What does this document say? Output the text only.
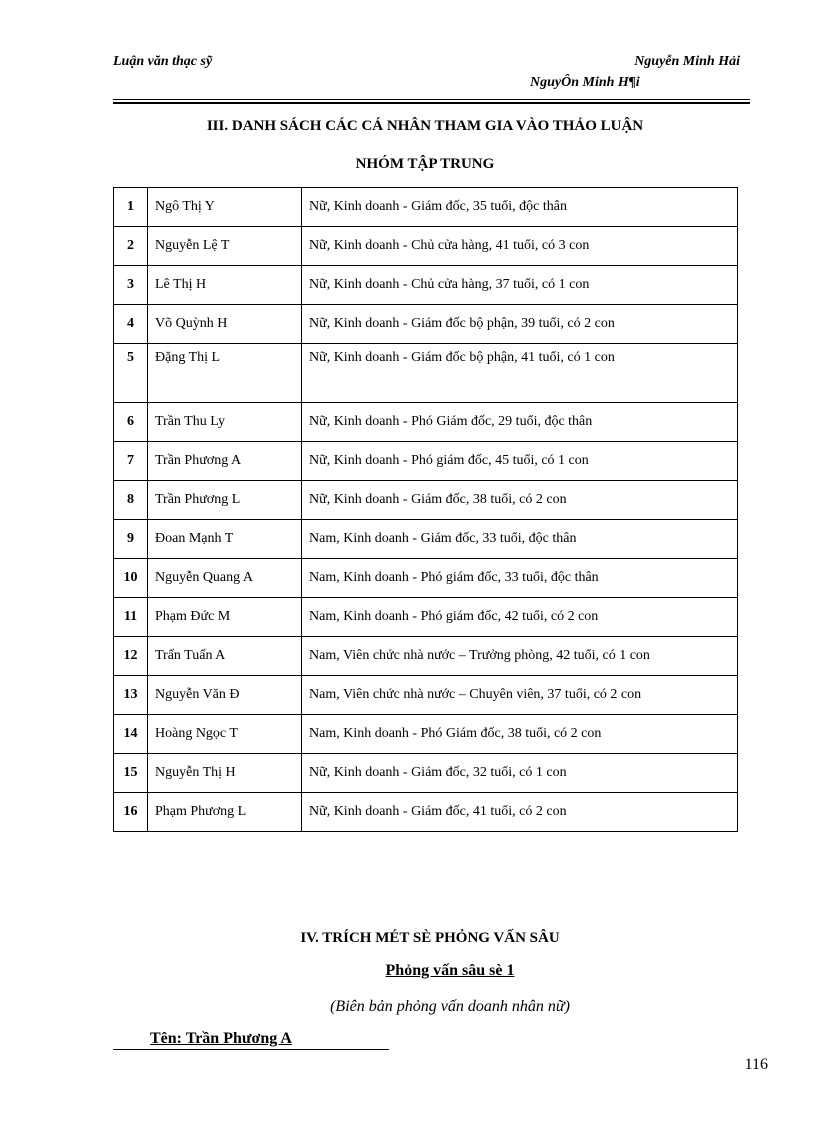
Luận văn thạc sỹ	Nguyễn Minh Hải
NguyÔn Minh H¶i
III. DANH SÁCH CÁC CÁ NHÂN THAM GIA VÀO THẢO LUẬN
NHÓM TẬP TRUNG
1	Ngô Thị Y	Nữ, Kinh doanh - Giám đốc, 35 tuổi, độc thân
2	Nguyễn Lệ T	Nữ, Kinh doanh - Chủ cửa hàng, 41 tuổi, có 3 con
3	Lê Thị H	Nữ, Kinh doanh - Chủ cửa hàng, 37 tuổi, có 1 con
4	Võ Quỳnh H	Nữ, Kinh doanh - Giám đốc bộ phận, 39 tuổi, có 2 con
5	Đặng Thị L	Nữ, Kinh doanh - Giám đốc bộ phận, 41 tuổi, có 1 con
6	Trần Thu Ly	Nữ, Kinh doanh - Phó Giám đốc, 29 tuổi, độc thân
7	Trần Phương A	Nữ, Kinh doanh - Phó giám đốc, 45 tuổi, có 1 con
8	Trần Phương L	Nữ, Kinh doanh - Giám đốc, 38 tuổi, có 2 con
9	Đoan Mạnh T	Nam, Kinh doanh - Giám đốc, 33 tuổi, độc thân
10	Nguyễn Quang A	Nam, Kinh doanh - Phó giám đốc, 33 tuổi, độc thân
11	Phạm Đức M	Nam, Kinh doanh - Phó giám đốc, 42 tuổi, có 2 con
12	Trấn Tuấn A	Nam, Viên chức nhà nước – Trưởng phòng, 42 tuổi, có 1 con
13	Nguyễn Văn Đ	Nam, Viên chức nhà nước – Chuyên viên, 37 tuổi, có 2 con
14	Hoàng Ngọc T	Nam, Kinh doanh - Phó Giám đốc, 38 tuổi, có 2 con
15	Nguyễn Thị H	Nữ, Kinh doanh - Giám đốc, 32 tuổi, có 1 con
16	Phạm Phương L	Nữ, Kinh doanh - Giám đốc, 41 tuổi, có 2 con
IV. TRÍCH MÉT SÈ PHỎNG VẤN SÂU
Phỏng vấn sâu sè 1
(Biên bản phỏng vấn doanh nhân nữ)
Tên: Trần Phương A
116
